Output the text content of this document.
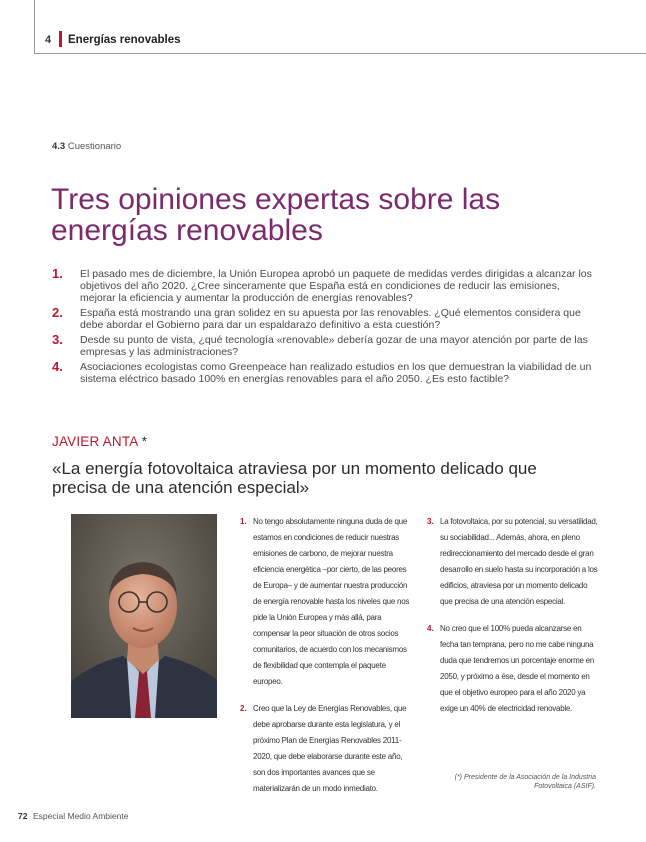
4 Energías renovables
4.3 Cuestionario
Tres opiniones expertas sobre las energías renovables
1.	El pasado mes de diciembre, la Unión Europea aprobó un paquete de medidas verdes dirigidas a alcanzar los objetivos del año 2020. ¿Cree sinceramente que España está en condiciones de reducir las emisiones, mejorar la eficiencia y aumentar la producción de energías renovables?
2.	España está mostrando una gran solidez en su apuesta por las renovables. ¿Qué elementos considera que debe abordar el Gobierno para dar un espaldarazo definitivo a esta cuestión?
3.	Desde su punto de vista, ¿qué tecnología «renovable» debería gozar de una mayor atención por parte de las empresas y las administraciones?
4.	Asociaciones ecologistas como Greenpeace han realizado estudios en los que demuestran la viabilidad de un sistema eléctrico basado 100% en energías renovables para el año 2050. ¿Es esto factible?
JAVIER ANTA *
«La energía fotovoltaica atraviesa por un momento delicado que precisa de una atención especial»
1. No tengo absolutamente ninguna duda de que estamos en condiciones de reducir nuestras emisiones de carbono, de mejorar nuestra eficiencia energética –por cierto, de las peores de Europa– y de aumentar nuestra producción de energía renovable hasta los niveles que nos pide la Unión Europea y más allá, para compensar la peor situación de otros socios comunitarios, de acuerdo con los mecanismos de flexibilidad que contempla el paquete europeo.
2. Creo que la Ley de Energías Renovables, que debe aprobarse durante esta legislatura, y el próximo Plan de Energías Renovables 2011-2020, que debe elaborarse durante este año, son dos importantes avances que se materializarán de un modo inmediato.
3. La fotovoltaica, por su potencial, su versatilidad, su sociabilidad... Además, ahora, en pleno redireccionamiento del mercado desde el gran desarrollo en suelo hasta su incorporación a los edificios, atraviesa por un momento delicado que precisa de una atención especial.
4. No creo que el 100% pueda alcanzarse en fecha tan temprana, pero no me cabe ninguna duda que tendremos un porcentaje enorme en 2050, y próximo a ése, desde el momento en que el objetivo europeo para el año 2020 ya exige un 40% de electricidad renovable.
(*) Presidente de la Asociación de la Industria Fotovoltaica (ASIF).
72 Especial Medio Ambiente
